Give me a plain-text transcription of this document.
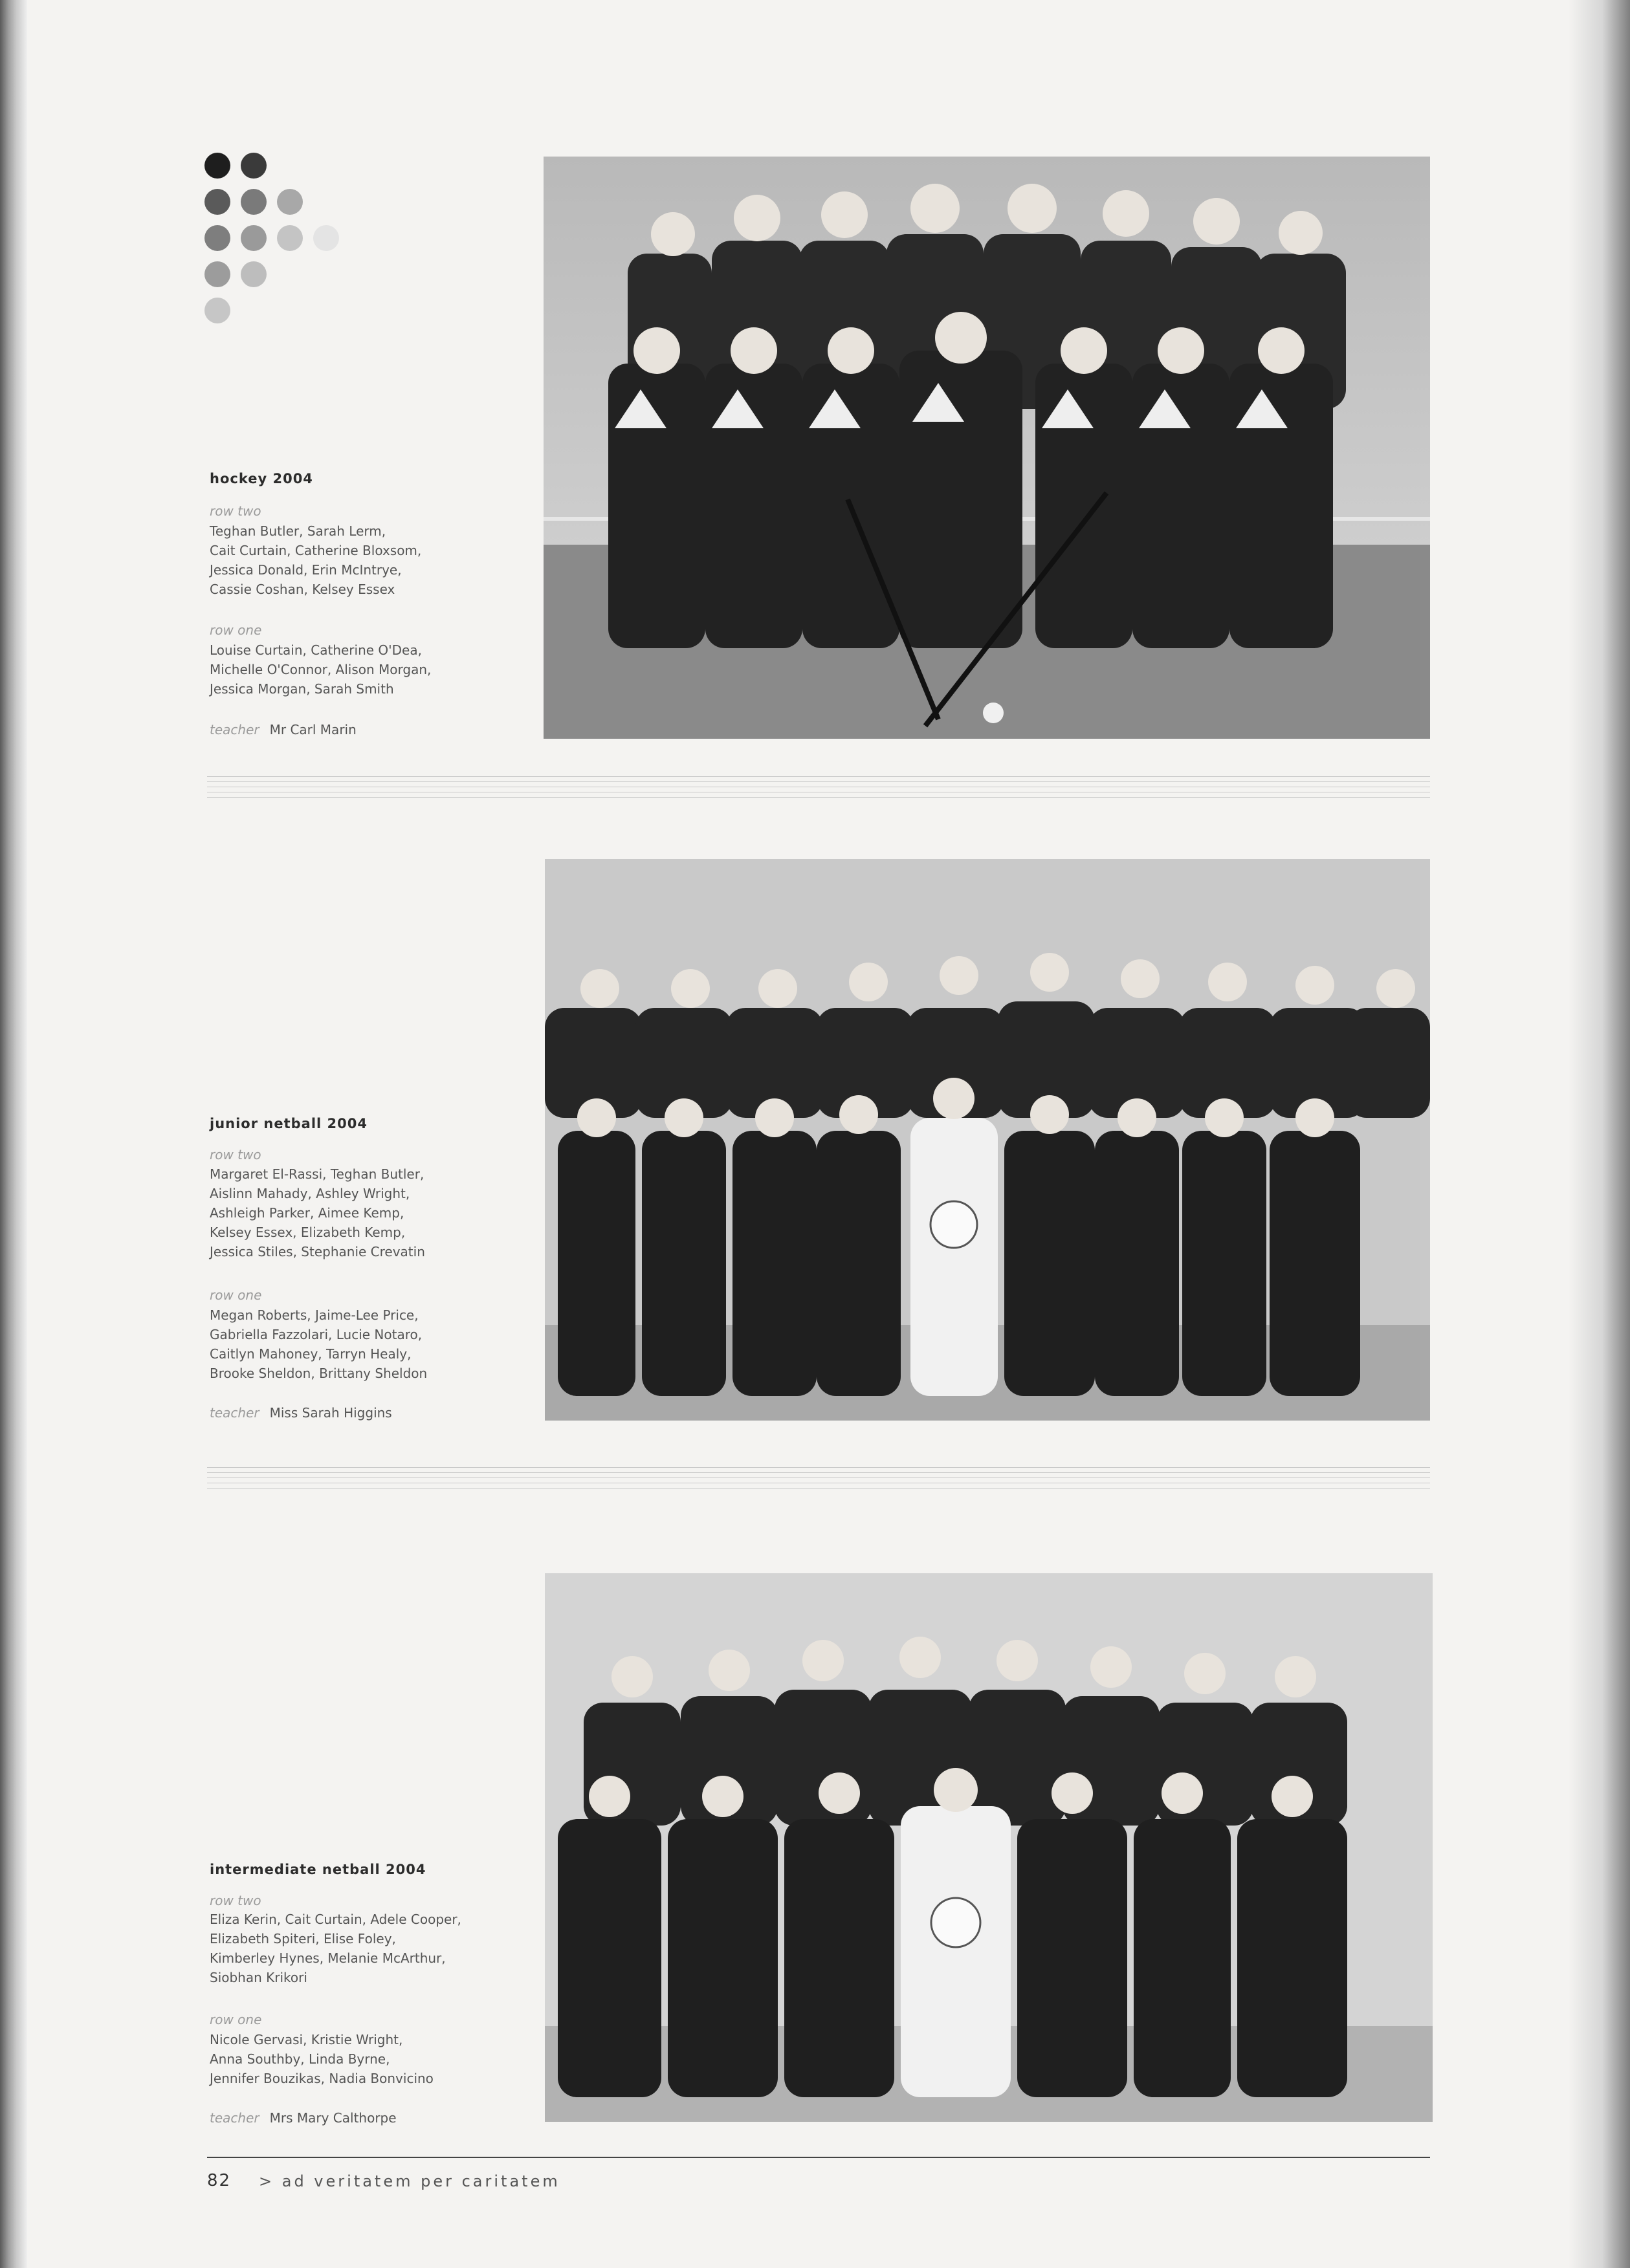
hockey 2004
row two
Teghan Butler, Sarah Lerm,
Cait Curtain, Catherine Bloxsom,
Jessica Donald, Erin McIntrye,
Cassie Coshan, Kelsey Essex
row one
Louise Curtain, Catherine O'Dea,
Michelle O'Connor, Alison Morgan,
Jessica Morgan, Sarah Smith
teacher Mr Carl Marin
junior netball 2004
row two
Margaret El-Rassi, Teghan Butler,
Aislinn Mahady, Ashley Wright,
Ashleigh Parker, Aimee Kemp,
Kelsey Essex, Elizabeth Kemp,
Jessica Stiles, Stephanie Crevatin
row one
Megan Roberts, Jaime-Lee Price,
Gabriella Fazzolari, Lucie Notaro,
Caitlyn Mahoney, Tarryn Healy,
Brooke Sheldon, Brittany Sheldon
teacher Miss Sarah Higgins
intermediate netball 2004
row two
Eliza Kerin, Cait Curtain, Adele Cooper,
Elizabeth Spiteri, Elise Foley,
Kimberley Hynes, Melanie McArthur,
Siobhan Krikori
row one
Nicole Gervasi, Kristie Wright,
Anna Southby, Linda Byrne,
Jennifer Bouzikas, Nadia Bonvicino
teacher Mrs Mary Calthorpe
82 > ad veritatem per caritatem
